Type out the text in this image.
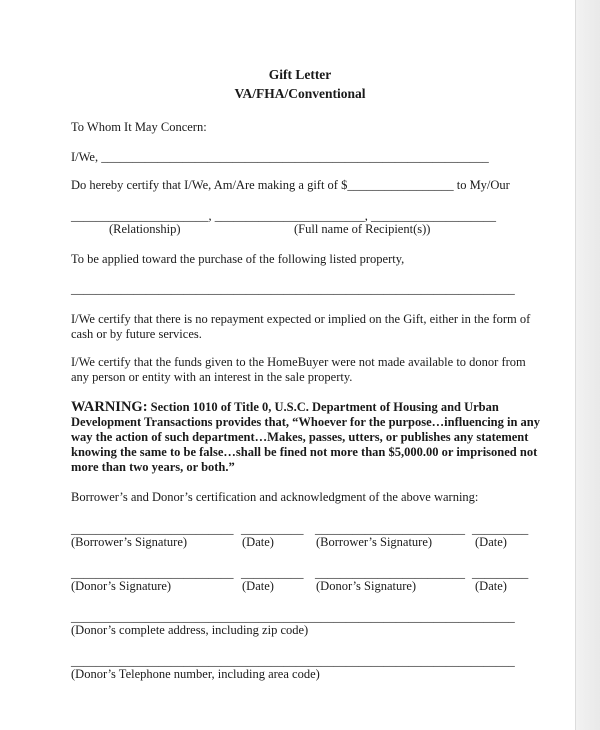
Gift Letter
VA/FHA/Conventional
To Whom It May Concern:
I/We, ______________________________________________________________
Do hereby certify that I/We, Am/Are making a gift of $_________________ to My/Our
______________________, ________________________, ____________________
(Relationship)	(Full name of Recipient(s))
To be applied toward the purchase of the following listed property,
_______________________________________________________________________
I/We certify that there is no repayment expected or implied on the Gift, either in the form of cash or by future services.
I/We certify that the funds given to the HomeBuyer were not made available to donor from any person or entity with an interest in the sale property.
WARNING: Section 1010 of Title 0, U.S.C. Department of Housing and Urban Development Transactions provides that, “Whoever for the purpose…influencing in any way the action of such department…Makes, passes, utters, or publishes any statement knowing the same to be false…shall be fined not more than $5,000.00 or imprisoned not more than two years, or both.”
Borrower’s and Donor’s certification and acknowledgment of the above warning:
__________________________ __________ ________________________ _________
(Borrower’s Signature)	(Date)	(Borrower’s Signature)	(Date)
__________________________ __________ ________________________ _________
(Donor’s Signature)	(Date)	(Donor’s Signature)	(Date)
_______________________________________________________________________
(Donor’s complete address, including zip code)
_______________________________________________________________________
(Donor’s Telephone number, including area code)
